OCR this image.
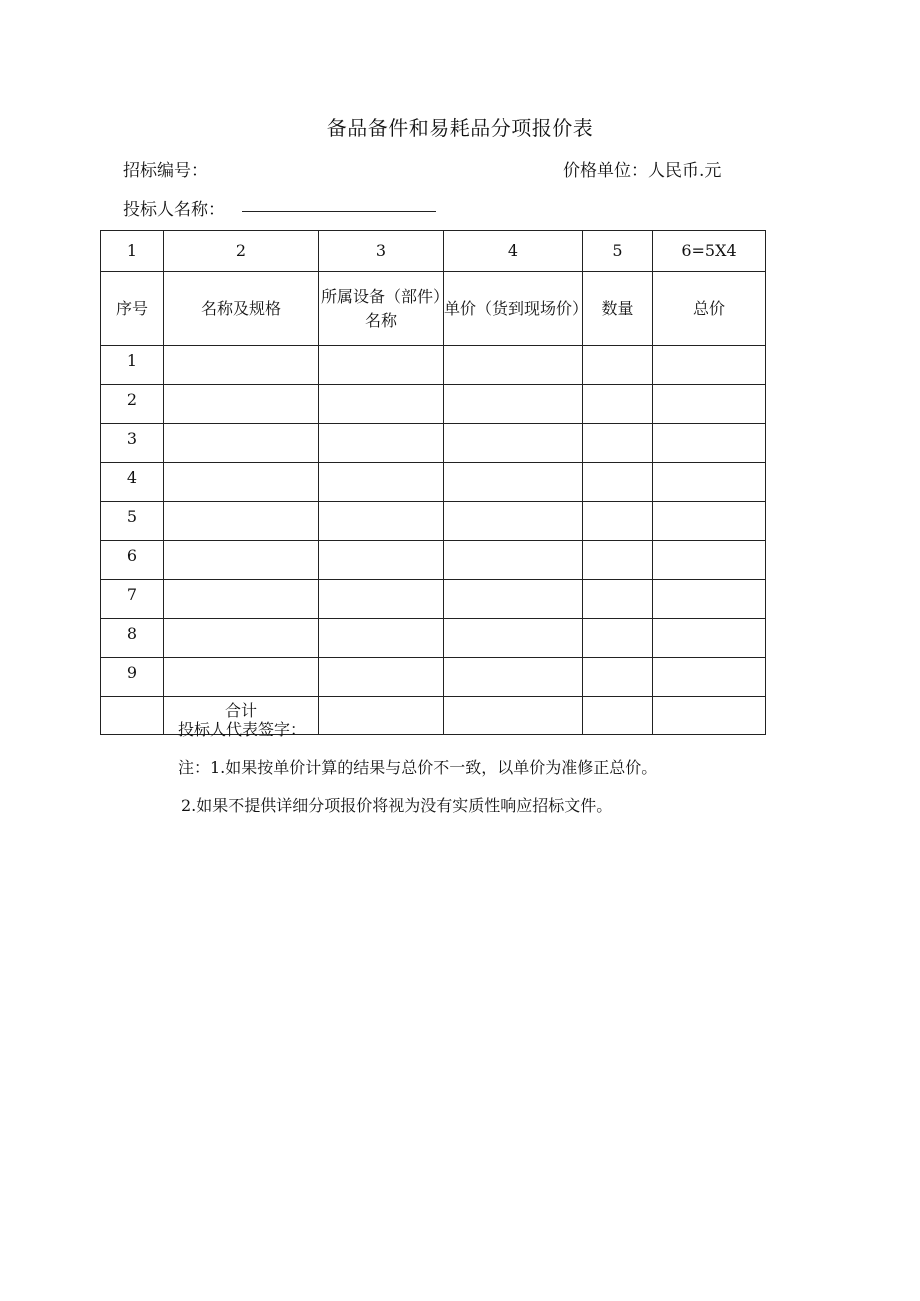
备品备件和易耗品分项报价表
招标编号：	价格单位：人民币.元
投标人名称：
1	2	3	4	5	6=5X4
序号	名称及规格	所属设备（部件）名称	单价（货到现场价）	数量	总价
1					
2					
3					
4					
5					
6					
7					
8					
9					
	合计				
投标人代表签字：
注：1.如果按单价计算的结果与总价不一致，以单价为准修正总价。
2.如果不提供详细分项报价将视为没有实质性响应招标文件。
